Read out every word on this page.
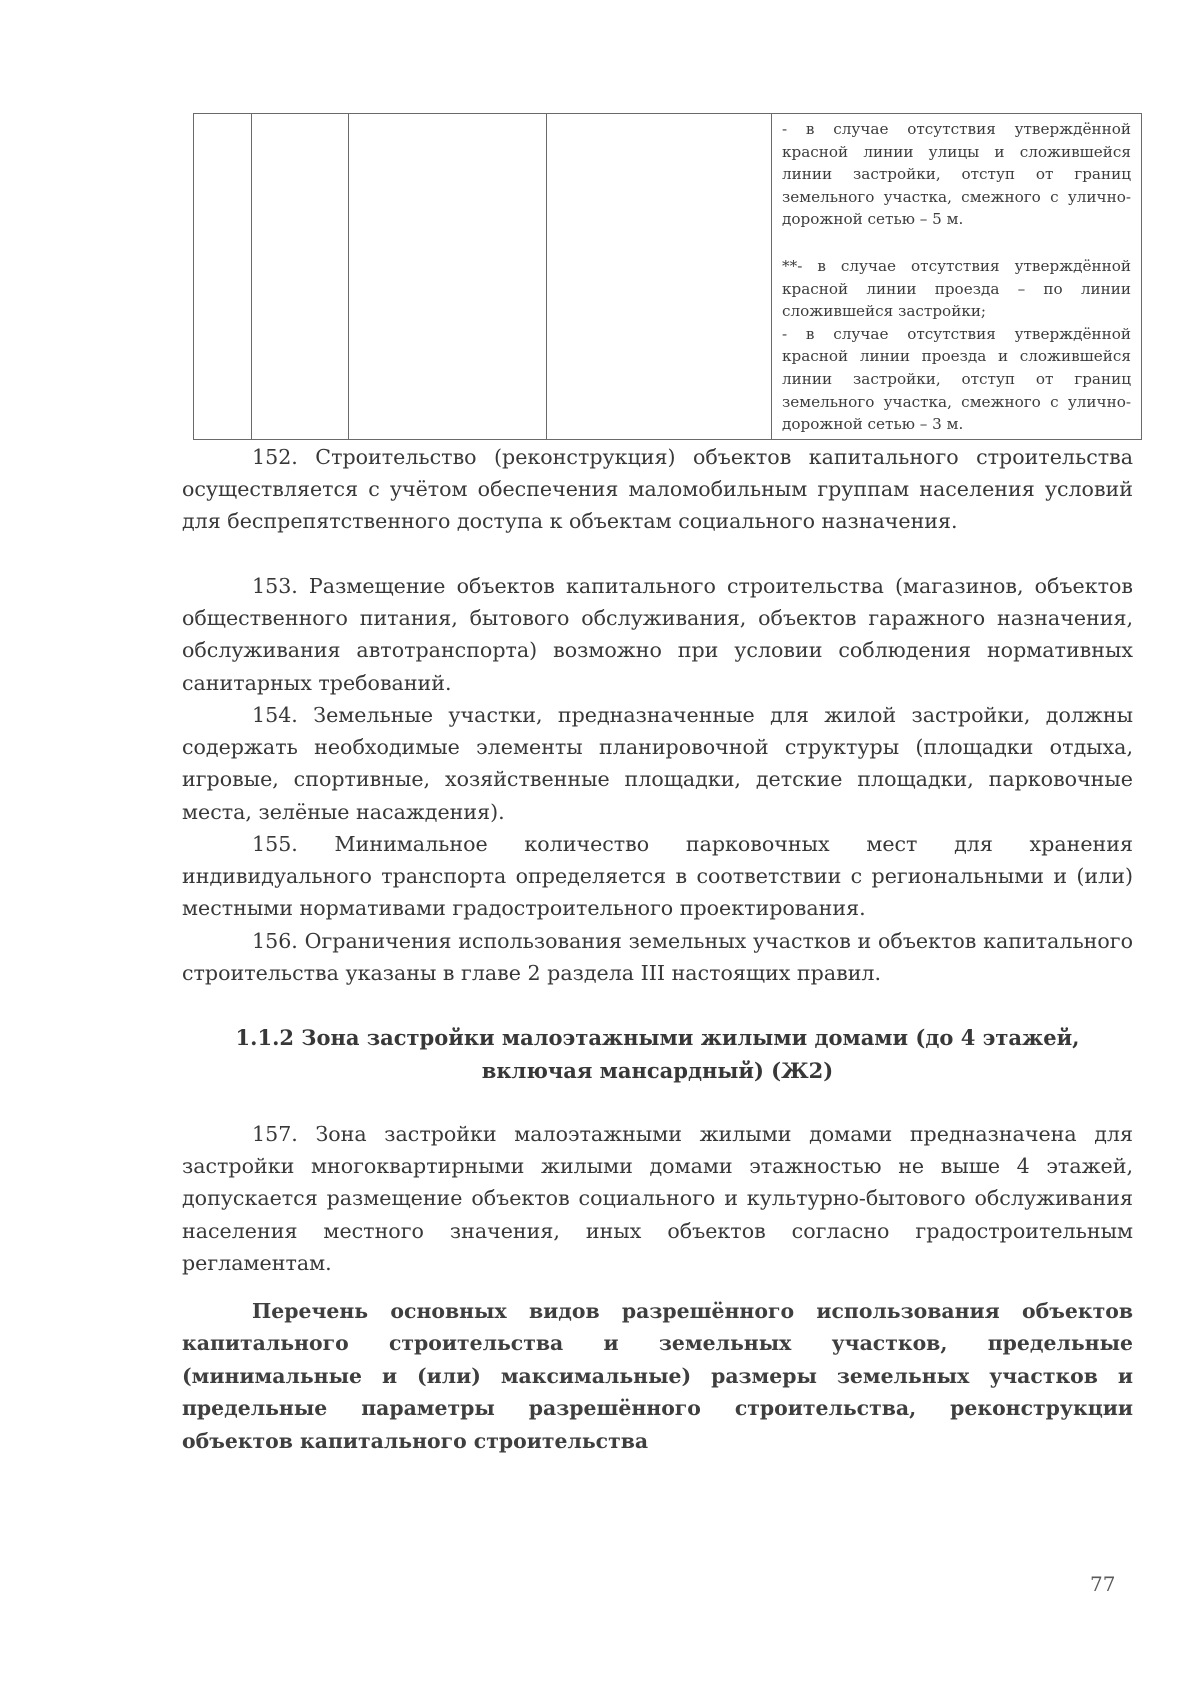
- в случае отсутствия утверждённой красной линии улицы и сложившейся линии застройки, отступ от границ земельного участка, смежного с улично-дорожной сетью – 5 м.

**- в случае отсутствия утверждённой красной линии проезда – по линии сложившейся застройки;

- в случае отсутствия утверждённой красной линии проезда и сложившейся линии застройки, отступ от границ земельного участка, смежного с улично-дорожной сетью – 3 м.

152. Строительство (реконструкция) объектов капитального строительства осуществляется с учётом обеспечения маломобильным группам населения условий для беспрепятственного доступа к объектам социального назначения.

153. Размещение объектов капитального строительства (магазинов, объектов общественного питания, бытового обслуживания, объектов гаражного назначения, обслуживания автотранспорта) возможно при условии соблюдения нормативных санитарных требований.

154. Земельные участки, предназначенные для жилой застройки, должны содержать необходимые элементы планировочной структуры (площадки отдыха, игровые, спортивные, хозяйственные площадки, детские площадки, парковочные места, зелёные насаждения).

155. Минимальное количество парковочных мест для хранения индивидуального транспорта определяется в соответствии с региональными и (или) местными нормативами градостроительного проектирования.

156. Ограничения использования земельных участков и объектов капитального строительства указаны в главе 2 раздела III настоящих правил.

1.1.2 Зона застройки малоэтажными жилыми домами (до 4 этажей,
включая мансардный) (Ж2)

157. Зона застройки малоэтажными жилыми домами предназначена для застройки многоквартирными жилыми домами этажностью не выше 4 этажей, допускается размещение объектов социального и культурно-бытового обслуживания населения местного значения, иных объектов согласно градостроительным регламентам.

Перечень основных видов разрешённого использования объектов капитального строительства и земельных участков, предельные (минимальные и (или) максимальные) размеры земельных участков и предельные параметры разрешённого строительства, реконструкции объектов капитального строительства

77
